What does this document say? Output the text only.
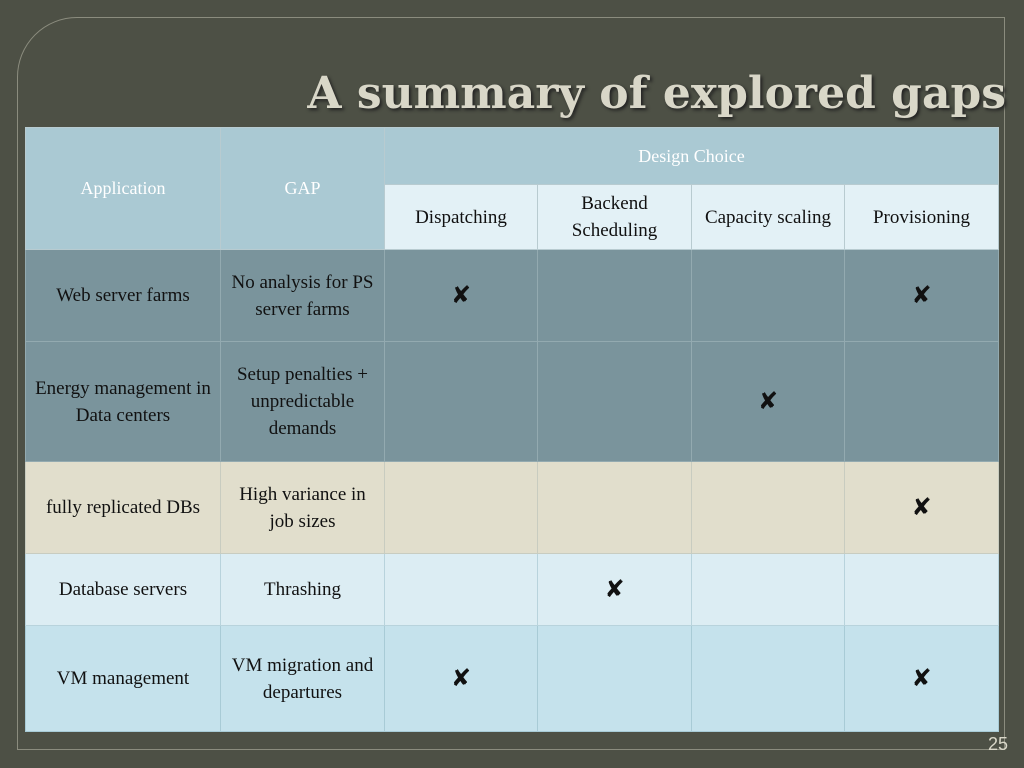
A summary of explored gaps
Application	GAP	Design Choice			
		Dispatching	Backend Scheduling	Capacity scaling	Provisioning
Web server farms	No analysis for PS server farms	✘			✘
Energy management in Data centers	Setup penalties + unpredictable demands			✘	
fully replicated DBs	High variance in job sizes				✘
Database servers	Thrashing		✘		
VM management	VM migration and departures	✘			✘
25
